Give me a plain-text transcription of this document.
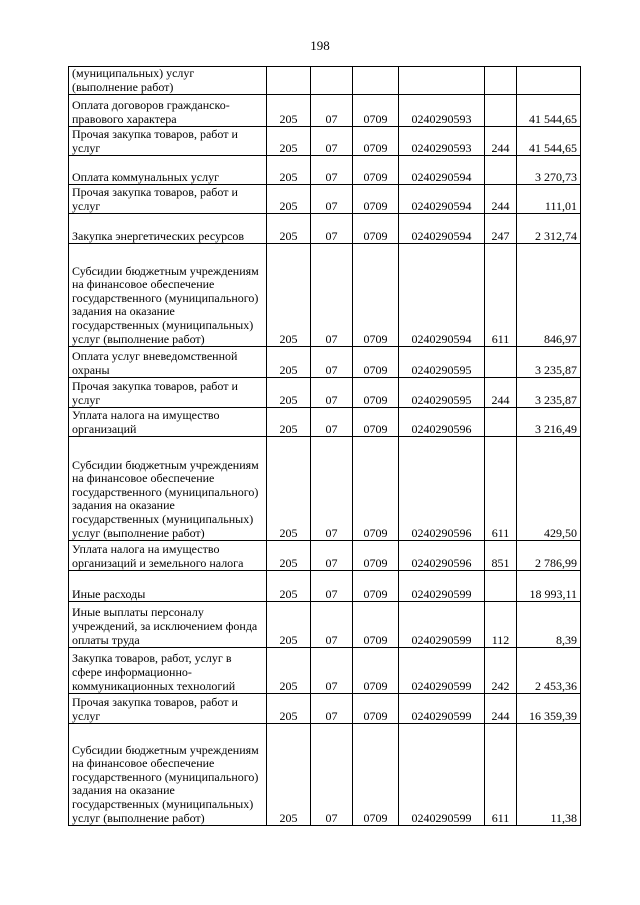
198
(муниципальных) услуг (выполнение работ)						
Оплата договоров гражданско-правового характера	205	07	0709	0240290593		41 544,65
Прочая закупка товаров, работ и услуг	205	07	0709	0240290593	244	41 544,65
Оплата коммунальных услуг	205	07	0709	0240290594		3 270,73
Прочая закупка товаров, работ и услуг	205	07	0709	0240290594	244	111,01
Закупка энергетических ресурсов	205	07	0709	0240290594	247	2 312,74
Субсидии бюджетным учреждениям на финансовое обеспечение государственного (муниципального) задания на оказание государственных (муниципальных) услуг (выполнение работ)	205	07	0709	0240290594	611	846,97
Оплата услуг вневедомственной охраны	205	07	0709	0240290595		3 235,87
Прочая закупка товаров, работ и услуг	205	07	0709	0240290595	244	3 235,87
Уплата налога на имущество организаций	205	07	0709	0240290596		3 216,49
Субсидии бюджетным учреждениям на финансовое обеспечение государственного (муниципального) задания на оказание государственных (муниципальных) услуг (выполнение работ)	205	07	0709	0240290596	611	429,50
Уплата налога на имущество организаций и земельного налога	205	07	0709	0240290596	851	2 786,99
Иные расходы	205	07	0709	0240290599		18 993,11
Иные выплаты персоналу учреждений, за исключением фонда оплаты труда	205	07	0709	0240290599	112	8,39
Закупка товаров, работ, услуг в сфере информационно-коммуникационных технологий	205	07	0709	0240290599	242	2 453,36
Прочая закупка товаров, работ и услуг	205	07	0709	0240290599	244	16 359,39
Субсидии бюджетным учреждениям на финансовое обеспечение государственного (муниципального) задания на оказание государственных (муниципальных) услуг (выполнение работ)	205	07	0709	0240290599	611	11,38
